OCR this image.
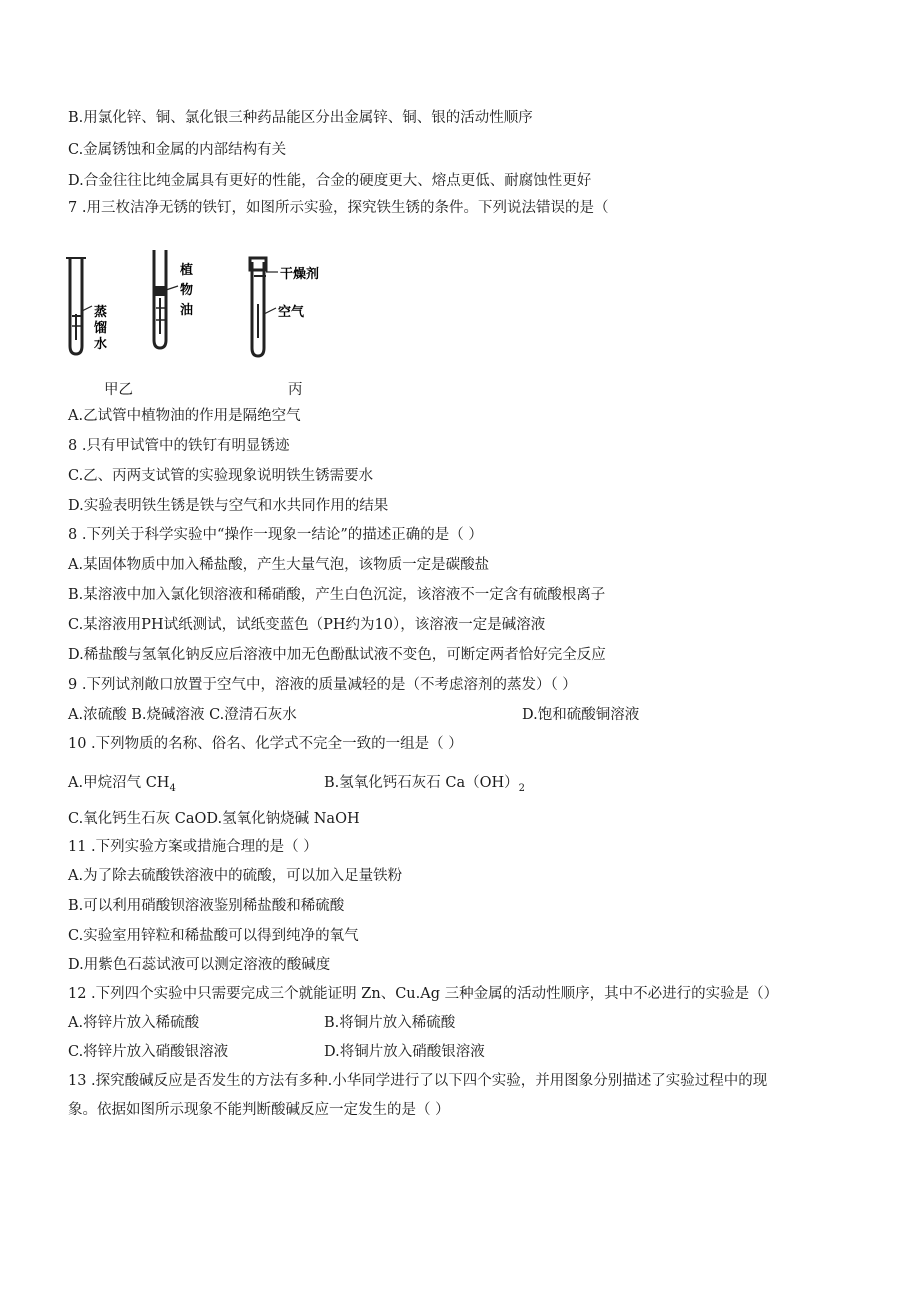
B.用氯化锌、铜、氯化银三种药品能区分出金属锌、铜、银的活动性顺序
C.金属锈蚀和金属的内部结构有关
D.合金往往比纯金属具有更好的性能，合金的硬度更大、熔点更低、耐腐蚀性更好
7 .用三枚洁净无锈的铁钉，如图所示实验，探究铁生锈的条件。下列说法错误的是（
蒸
馏
水
植
物
油
干燥剂
空气
甲乙	丙
A.乙试管中植物油的作用是隔绝空气
8 .只有甲试管中的铁钉有明显锈迹
C.乙、丙两支试管的实验现象说明铁生锈需要水
D.实验表明铁生锈是铁与空气和水共同作用的结果
8 .下列关于科学实验中“操作一现象一结论”的描述正确的是（ ）
A.某固体物质中加入稀盐酸，产生大量气泡，该物质一定是碳酸盐
B.某溶液中加入氯化钡溶液和稀硝酸，产生白色沉淀，该溶液不一定含有硫酸根离子
C.某溶液用PH试纸测试，试纸变蓝色（PH约为10），该溶液一定是碱溶液
D.稀盐酸与氢氧化钠反应后溶液中加无色酚酞试液不变色，可断定两者恰好完全反应
9 .下列试剂敞口放置于空气中，溶液的质量减轻的是（不考虑溶剂的蒸发）（ ）
A.浓硫酸 B.烧碱溶液 C.澄清石灰水	D.饱和硫酸铜溶液
10 .下列物质的名称、俗名、化学式不完全一致的一组是（ ）
A.甲烷沼气 $CH_4$	B.氢氧化钙石灰石 $Ca(OH)_2$
C.氧化钙生石灰 CaOD.氢氧化钠烧碱 NaOH
11 .下列实验方案或措施合理的是（ ）
A.为了除去硫酸铁溶液中的硫酸，可以加入足量铁粉
B.可以利用硝酸钡溶液鉴别稀盐酸和稀硫酸
C.实验室用锌粒和稀盐酸可以得到纯净的氧气
D.用紫色石蕊试液可以测定溶液的酸碱度
12 .下列四个实验中只需要完成三个就能证明 Zn、Cu.Ag 三种金属的活动性顺序，其中不必进行的实验是（）
A.将锌片放入稀硫酸	B.将铜片放入稀硫酸
C.将锌片放入硝酸银溶液	D.将铜片放入硝酸银溶液
13 .探究酸碱反应是否发生的方法有多种.小华同学进行了以下四个实验，并用图象分别描述了实验过程中的现
象。依据如图所示现象不能判断酸碱反应一定发生的是（ ）
